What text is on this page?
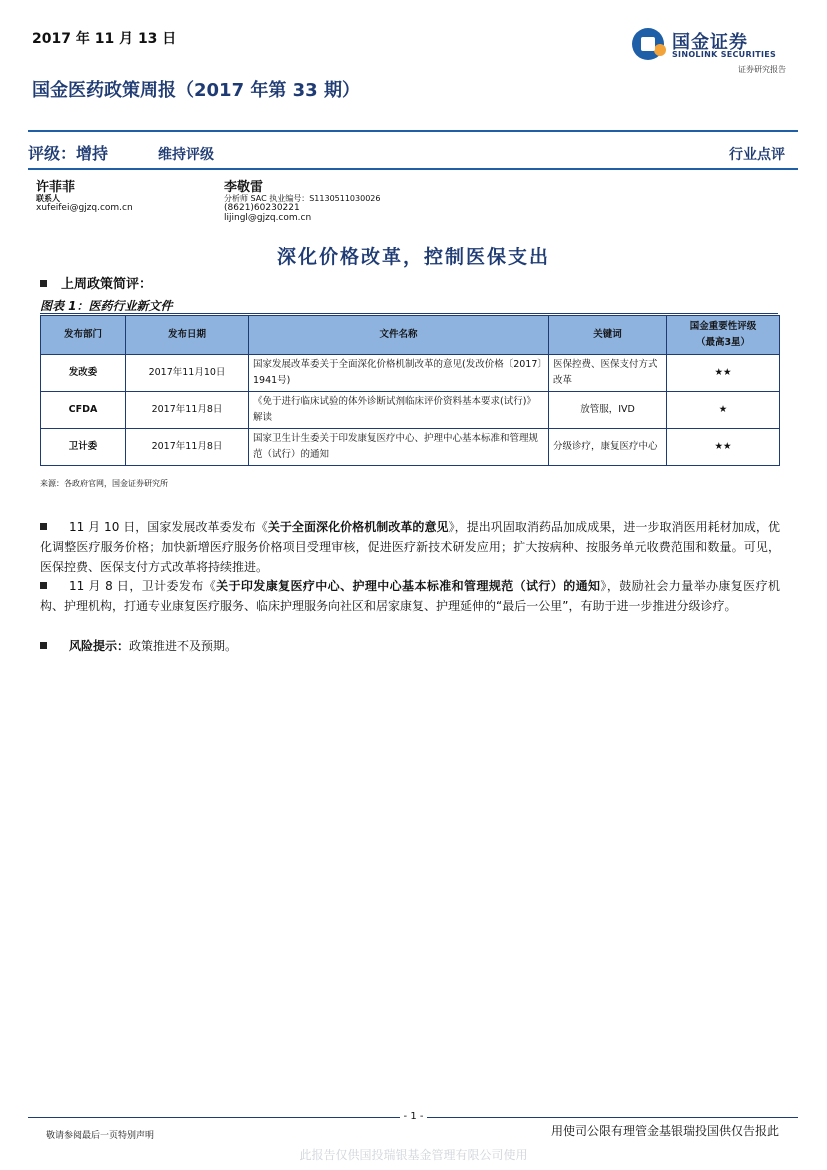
2017 年 11 月 13 日	国金证券
SINOLINK SECURITIES
证券研究报告
国金医药政策周报（2017 年第 33 期）
评级：增持	维持评级	行业点评
许菲菲
联系人
xufeifei@gjzq.com.cn
李敬雷
分析师 SAC 执业编号：S1130511030026
(8621)60230221
lijingl@gjzq.com.cn
深化价格改革，控制医保支出
上周政策简评：
图表 1：医药行业新文件
发布部门	发布日期	文件名称	关键词	国金重要性评级
（最高3星）
发改委	2017年11月10日	国家发展改革委关于全面深化价格机制改革的意见(发改价格〔2017〕1941号)	医保控费、医保支付方式改革	★★
CFDA	2017年11月8日	《免于进行临床试验的体外诊断试剂临床评价资料基本要求(试行)》解读	放管服，IVD	★
卫计委	2017年11月8日	国家卫生计生委关于印发康复医疗中心、护理中心基本标准和管理规范（试行）的通知	分级诊疗，康复医疗中心	★★
来源：各政府官网，国金证券研究所
11 月 10 日，国家发展改革委发布《关于全面深化价格机制改革的意见》，提出巩固取消药品加成成果，进一步取消医用耗材加成，优化调整医疗服务价格；加快新增医疗服务价格项目受理审核，促进医疗新技术研发应用；扩大按病种、按服务单元收费范围和数量。可见，医保控费、医保支付方式改革将持续推进。
11 月 8 日，卫计委发布《关于印发康复医疗中心、护理中心基本标准和管理规范（试行）的通知》，鼓励社会力量举办康复医疗机构、护理机构，打通专业康复医疗服务、临床护理服务向社区和居家康复、护理延伸的“最后一公里”，有助于进一步推进分级诊疗。
风险提示：政策推进不及预期。
- 1 -
敬请参阅最后一页特别声明	用使司公限有理管金基银瑞投国供仅告报此
此报告仅供国投瑞银基金管理有限公司使用
